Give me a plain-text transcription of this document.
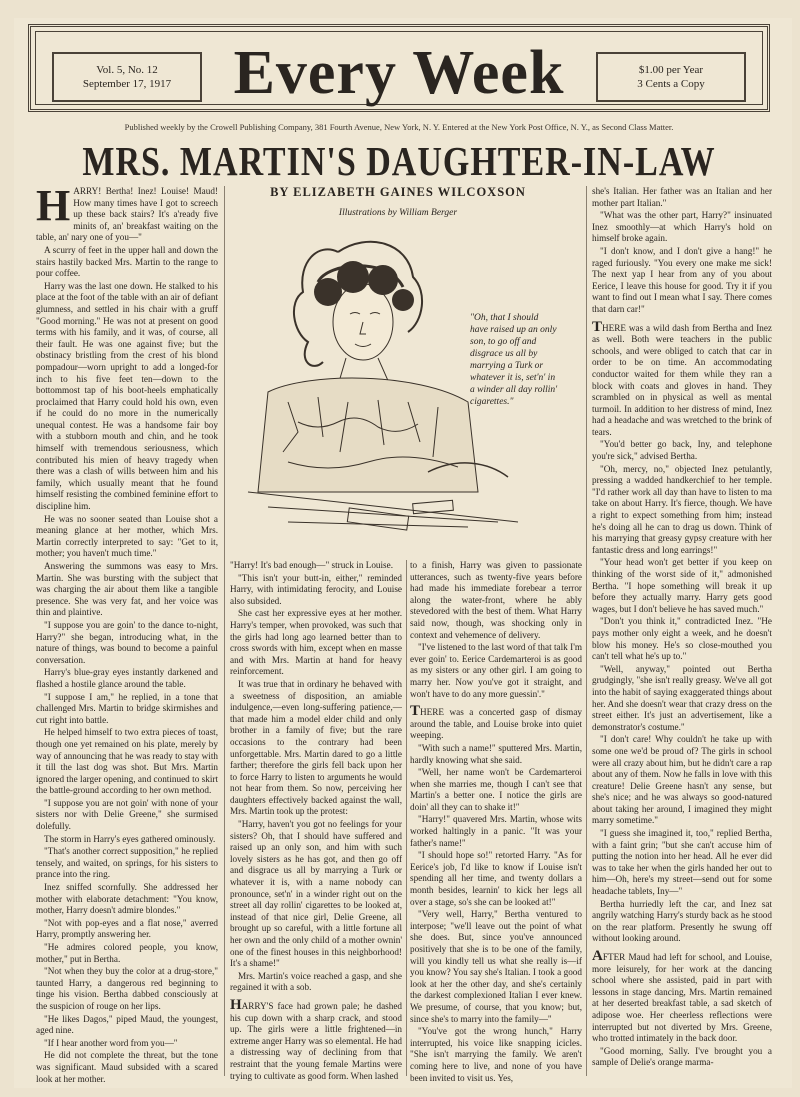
Vol. 5, No. 12
September 17, 1917	Every Week	$1.00 per Year
3 Cents a Copy
Published weekly by the Crowell Publishing Company, 381 Fourth Avenue, New York, N. Y. Entered at the New York Post Office, N. Y., as Second Class Matter.
MRS. MARTIN'S DAUGHTER-IN-LAW
BY ELIZABETH GAINES WILCOXSON
Illustrations by William Berger
"Oh, that I should have raised up an only son, to go off and disgrace us all by marrying a Turk or whatever it is, set'n' in a winder all day rollin' cigarettes."

HARRY! Bertha! Inez! Louise! Maud! How many times have I got to screech up these back stairs? It's a'ready five minits of, an' breakfast waiting on the table, an' nary one of you—"

A scurry of feet in the upper hall and down the stairs hastily backed Mrs. Martin to the range to pour coffee.

Harry was the last one down. He stalked to his place at the foot of the table with an air of defiant glumness, and settled in his chair with a gruff "Good morning." He was not at present on good terms with his family, and it was, of course, all their fault. He was one against five; but the obstinacy bristling from the crest of his blond pompadour—worn upright to add a longed-for inch to his five feet ten—down to the bottommost tap of his boot-heels emphatically proclaimed that Harry could hold his own, even if he could do no more in the numerically unequal contest. He was a handsome fair boy with a stubborn mouth and chin, and he took himself with tremendous seriousness, which contributed his mien of heavy tragedy when there was a clash of wills between him and his family, which usually meant that he found himself resisting the combined feminine effort to discipline him.

He was no sooner seated than Louise shot a meaning glance at her mother, which Mrs. Martin correctly interpreted to say: "Get to it, mother; you haven't much time."

Answering the summons was easy to Mrs. Martin. She was bursting with the subject that was charging the air about them like a tangible presence. She was very fat, and her voice was thin and plaintive.

"I suppose you are goin' to the dance to-night, Harry?" she began, introducing what, in the nature of things, was bound to become a painful conversation.

Harry's blue-gray eyes instantly darkened and flashed a hostile glance around the table.

"I suppose I am," he replied, in a tone that challenged Mrs. Martin to bridge skirmishes and cut right into battle.

He helped himself to two extra pieces of toast, though one yet remained on his plate, merely by way of announcing that he was ready to stay with it till the last dog was shot. But Mrs. Martin ignored the larger opening, and continued to skirt the battle-ground according to her own method.

"I suppose you are not goin' with none of your sisters nor with Delie Greene," she surmised dolefully.

The storm in Harry's eyes gathered ominously.

"That's another correct supposition," he replied tensely, and waited, on springs, for his sisters to prance into the ring.

Inez sniffed scornfully. She addressed her mother with elaborate detachment: "You know, mother, Harry doesn't admire blondes."

"Not with pop-eyes and a flat nose," averred Harry, promptly answering her.

"He admires colored people, you know, mother," put in Bertha.

"Not when they buy the color at a drug-store," taunted Harry, a dangerous red beginning to tinge his vision. Bertha dabbed consciously at the suspicion of rouge on her lips.

"He likes Dagos," piped Maud, the youngest, aged nine.

"If I hear another word from you—"

He did not complete the threat, but the tone was significant. Maud subsided with a scared look at her mother.

"Harry! It's bad enough—" struck in Louise.

"This isn't your butt-in, either," reminded Harry, with intimidating ferocity, and Louise also subsided.

She cast her expressive eyes at her mother. Harry's temper, when provoked, was such that the girls had long ago learned better than to cross swords with him, except when en masse and with Mrs. Martin at hand for heavy reinforcement.

It was true that in ordinary he behaved with a sweetness of disposition, an amiable indulgence,—even long-suffering patience,—that made him a model elder child and only brother in a family of five; but the rare occasions to the contrary had been unforgettable. Mrs. Martin dared to go a little farther; therefore the girls fell back upon her to force Harry to listen to arguments he would not hear from them. So now, perceiving her daughters effectively backed against the wall, Mrs. Martin took up the protest:

"Harry, haven't you got no feelings for your sisters? Oh, that I should have suffered and raised up an only son, and him with such lovely sisters as he has got, and then go off and disgrace us all by marrying a Turk or whatever it is, with a name nobody can pronounce, set'n' in a winder right out on the street all day rollin' cigarettes to be looked at, instead of that nice girl, Delie Greene, all brought up so careful, with a little fortune all her own and the only child of a mother ownin' one of the finest houses in this neighborhood! It's a shame!"

Mrs. Martin's voice reached a gasp, and she regained it with a sob.

HARRY'S face had grown pale; he dashed his cup down with a sharp crack, and stood up. The girls were a little frightened—in extreme anger Harry was so elemental. He had a distressing way of declining from that restraint that the young female Martins were trying to cultivate as good form. When lashed

to a finish, Harry was given to passionate utterances, such as twenty-five years before had made his immediate forebear a terror along the water-front, where he ably stevedored with the best of them. What Harry said now, though, was shocking only in context and vehemence of delivery.

"I've listened to the last word of that talk I'm ever goin' to. Eerice Cardemarteroi is as good as my sisters or any other girl. I am going to marry her. Now you've got it straight, and won't have to do any more guessin'."

THERE was a concerted gasp of dismay around the table, and Louise broke into quiet weeping.

"With such a name!" sputtered Mrs. Martin, hardly knowing what she said.

"Well, her name won't be Cardemarteroi when she marries me, though I can't see that Martin's a better one. I notice the girls are doin' all they can to shake it!"

"Harry!" quavered Mrs. Martin, whose wits worked haltingly in a panic. "It was your father's name!"

"I should hope so!" retorted Harry. "As for Eerice's job, I'd like to know if Louise isn't spending all her time, and twenty dollars a month besides, learnin' to kick her legs all over a stage, so's she can be looked at!"

"Very well, Harry," Bertha ventured to interpose; "we'll leave out the point of what she does. But, since you've announced positively that she is to be one of the family, will you kindly tell us what she really is—if you know? You say she's Italian. I took a good look at her the other day, and she's certainly the darkest complexioned Italian I ever knew. We presume, of course, that you know; but, since she's to marry into the family—"

"You've got the wrong hunch," Harry interrupted, his voice like snapping icicles. "She isn't marrying the family. We aren't coming here to live, and none of you have been invited to visit us. Yes,

she's Italian. Her father was an Italian and her mother part Italian."

"What was the other part, Harry?" insinuated Inez smoothly—at which Harry's hold on himself broke again.

"I don't know, and I don't give a hang!" he raged furiously. "You every one make me sick! The next yap I hear from any of you about Eerice, I leave this house for good. Try it if you want to find out I mean what I say. There comes that darn car!"

THERE was a wild dash from Bertha and Inez as well. Both were teachers in the public schools, and were obliged to catch that car in order to be on time. An accommodating conductor waited for them while they ran a block with coats and gloves in hand. They scrambled on in physical as well as mental turmoil. In addition to her distress of mind, Inez had a headache and was wretched to the brink of tears.

"You'd better go back, Iny, and telephone you're sick," advised Bertha.

"Oh, mercy, no," objected Inez petulantly, pressing a wadded handkerchief to her temple. "I'd rather work all day than have to listen to ma take on about Harry. It's fierce, though. We have a right to expect something from him; instead he's doing all he can to drag us down. Think of his marrying that greasy gypsy creature with her fantastic dress and long earrings!"

"Your head won't get better if you keep on thinking of the worst side of it," admonished Bertha. "I hope something will break it up before they actually marry. Harry gets good wages, but I don't believe he has saved much."

"Don't you think it," contradicted Inez. "He pays mother only eight a week, and he doesn't blow his money. He's so close-mouthed you can't tell what he's up to."

"Well, anyway," pointed out Bertha grudgingly, "she isn't really greasy. We've all got into the habit of saying exaggerated things about her. And she doesn't wear that crazy dress on the street either. It's just an advertisement, like a demonstrator's costume."

"I don't care! Why couldn't he take up with some one we'd be proud of? The girls in school were all crazy about him, but he didn't care a rap about any of them. Now he falls in love with this creature! Delie Greene hasn't any sense, but she's nice; and he was always so good-natured about taking her around, I imagined they might marry sometime."

"I guess she imagined it, too," replied Bertha, with a faint grin; "but she can't accuse him of putting the notion into her head. All he ever did was to take her when the girls handed her out to him—Oh, here's my street—send out for some headache tablets, Iny—"

Bertha hurriedly left the car, and Inez sat angrily watching Harry's sturdy back as he stood on the rear platform. Presently he swung off without looking around.

AFTER Maud had left for school, and Louise, more leisurely, for her work at the dancing school where she assisted, paid in part with lessons in stage dancing, Mrs. Martin remained at her deserted breakfast table, a sad sketch of adipose woe. Her cheerless reflections were interrupted but not diverted by Mrs. Greene, who trotted intimately in the back door.

"Good morning, Sally. I've brought you a sample of Delie's orange marma-
